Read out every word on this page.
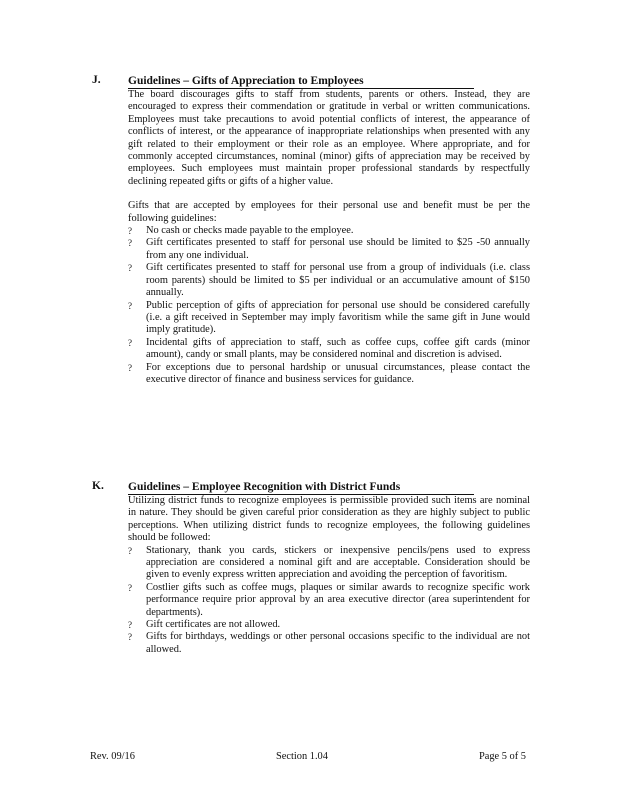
J. Guidelines – Gifts of Appreciation to Employees

The board discourages gifts to staff from students, parents or others. Instead, they are encouraged to express their commendation or gratitude in verbal or written communications. Employees must take precautions to avoid potential conflicts of interest, the appearance of conflicts of interest, or the appearance of inappropriate relationships when presented with any gift related to their employment or their role as an employee. Where appropriate, and for commonly accepted circumstances, nominal (minor) gifts of appreciation may be received by employees. Such employees must maintain proper professional standards by respectfully declining repeated gifts or gifts of a higher value.

Gifts that are accepted by employees for their personal use and benefit must be per the following guidelines:

? No cash or checks made payable to the employee.
? Gift certificates presented to staff for personal use should be limited to $25 -50 annually from any one individual.
? Gift certificates presented to staff for personal use from a group of individuals (i.e. class room parents) should be limited to $5 per individual or an accumulative amount of $150 annually.
? Public perception of gifts of appreciation for personal use should be considered carefully (i.e. a gift received in September may imply favoritism while the same gift in June would imply gratitude).
? Incidental gifts of appreciation to staff, such as coffee cups, coffee gift cards (minor amount), candy or small plants, may be considered nominal and discretion is advised.
? For exceptions due to personal hardship or unusual circumstances, please contact the executive director of finance and business services for guidance.
K. Guidelines – Employee Recognition with District Funds

Utilizing district funds to recognize employees is permissible provided such items are nominal in nature. They should be given careful prior consideration as they are highly subject to public perceptions. When utilizing district funds to recognize employees, the following guidelines should be followed:

? Stationary, thank you cards, stickers or inexpensive pencils/pens used to express appreciation are considered a nominal gift and are acceptable. Consideration should be given to evenly express written appreciation and avoiding the perception of favoritism.
? Costlier gifts such as coffee mugs, plaques or similar awards to recognize specific work performance require prior approval by an area executive director (area superintendent for departments).
? Gift certificates are not allowed.
? Gifts for birthdays, weddings or other personal occasions specific to the individual are not allowed.
Rev. 09/16	Section 1.04	Page 5 of 5
